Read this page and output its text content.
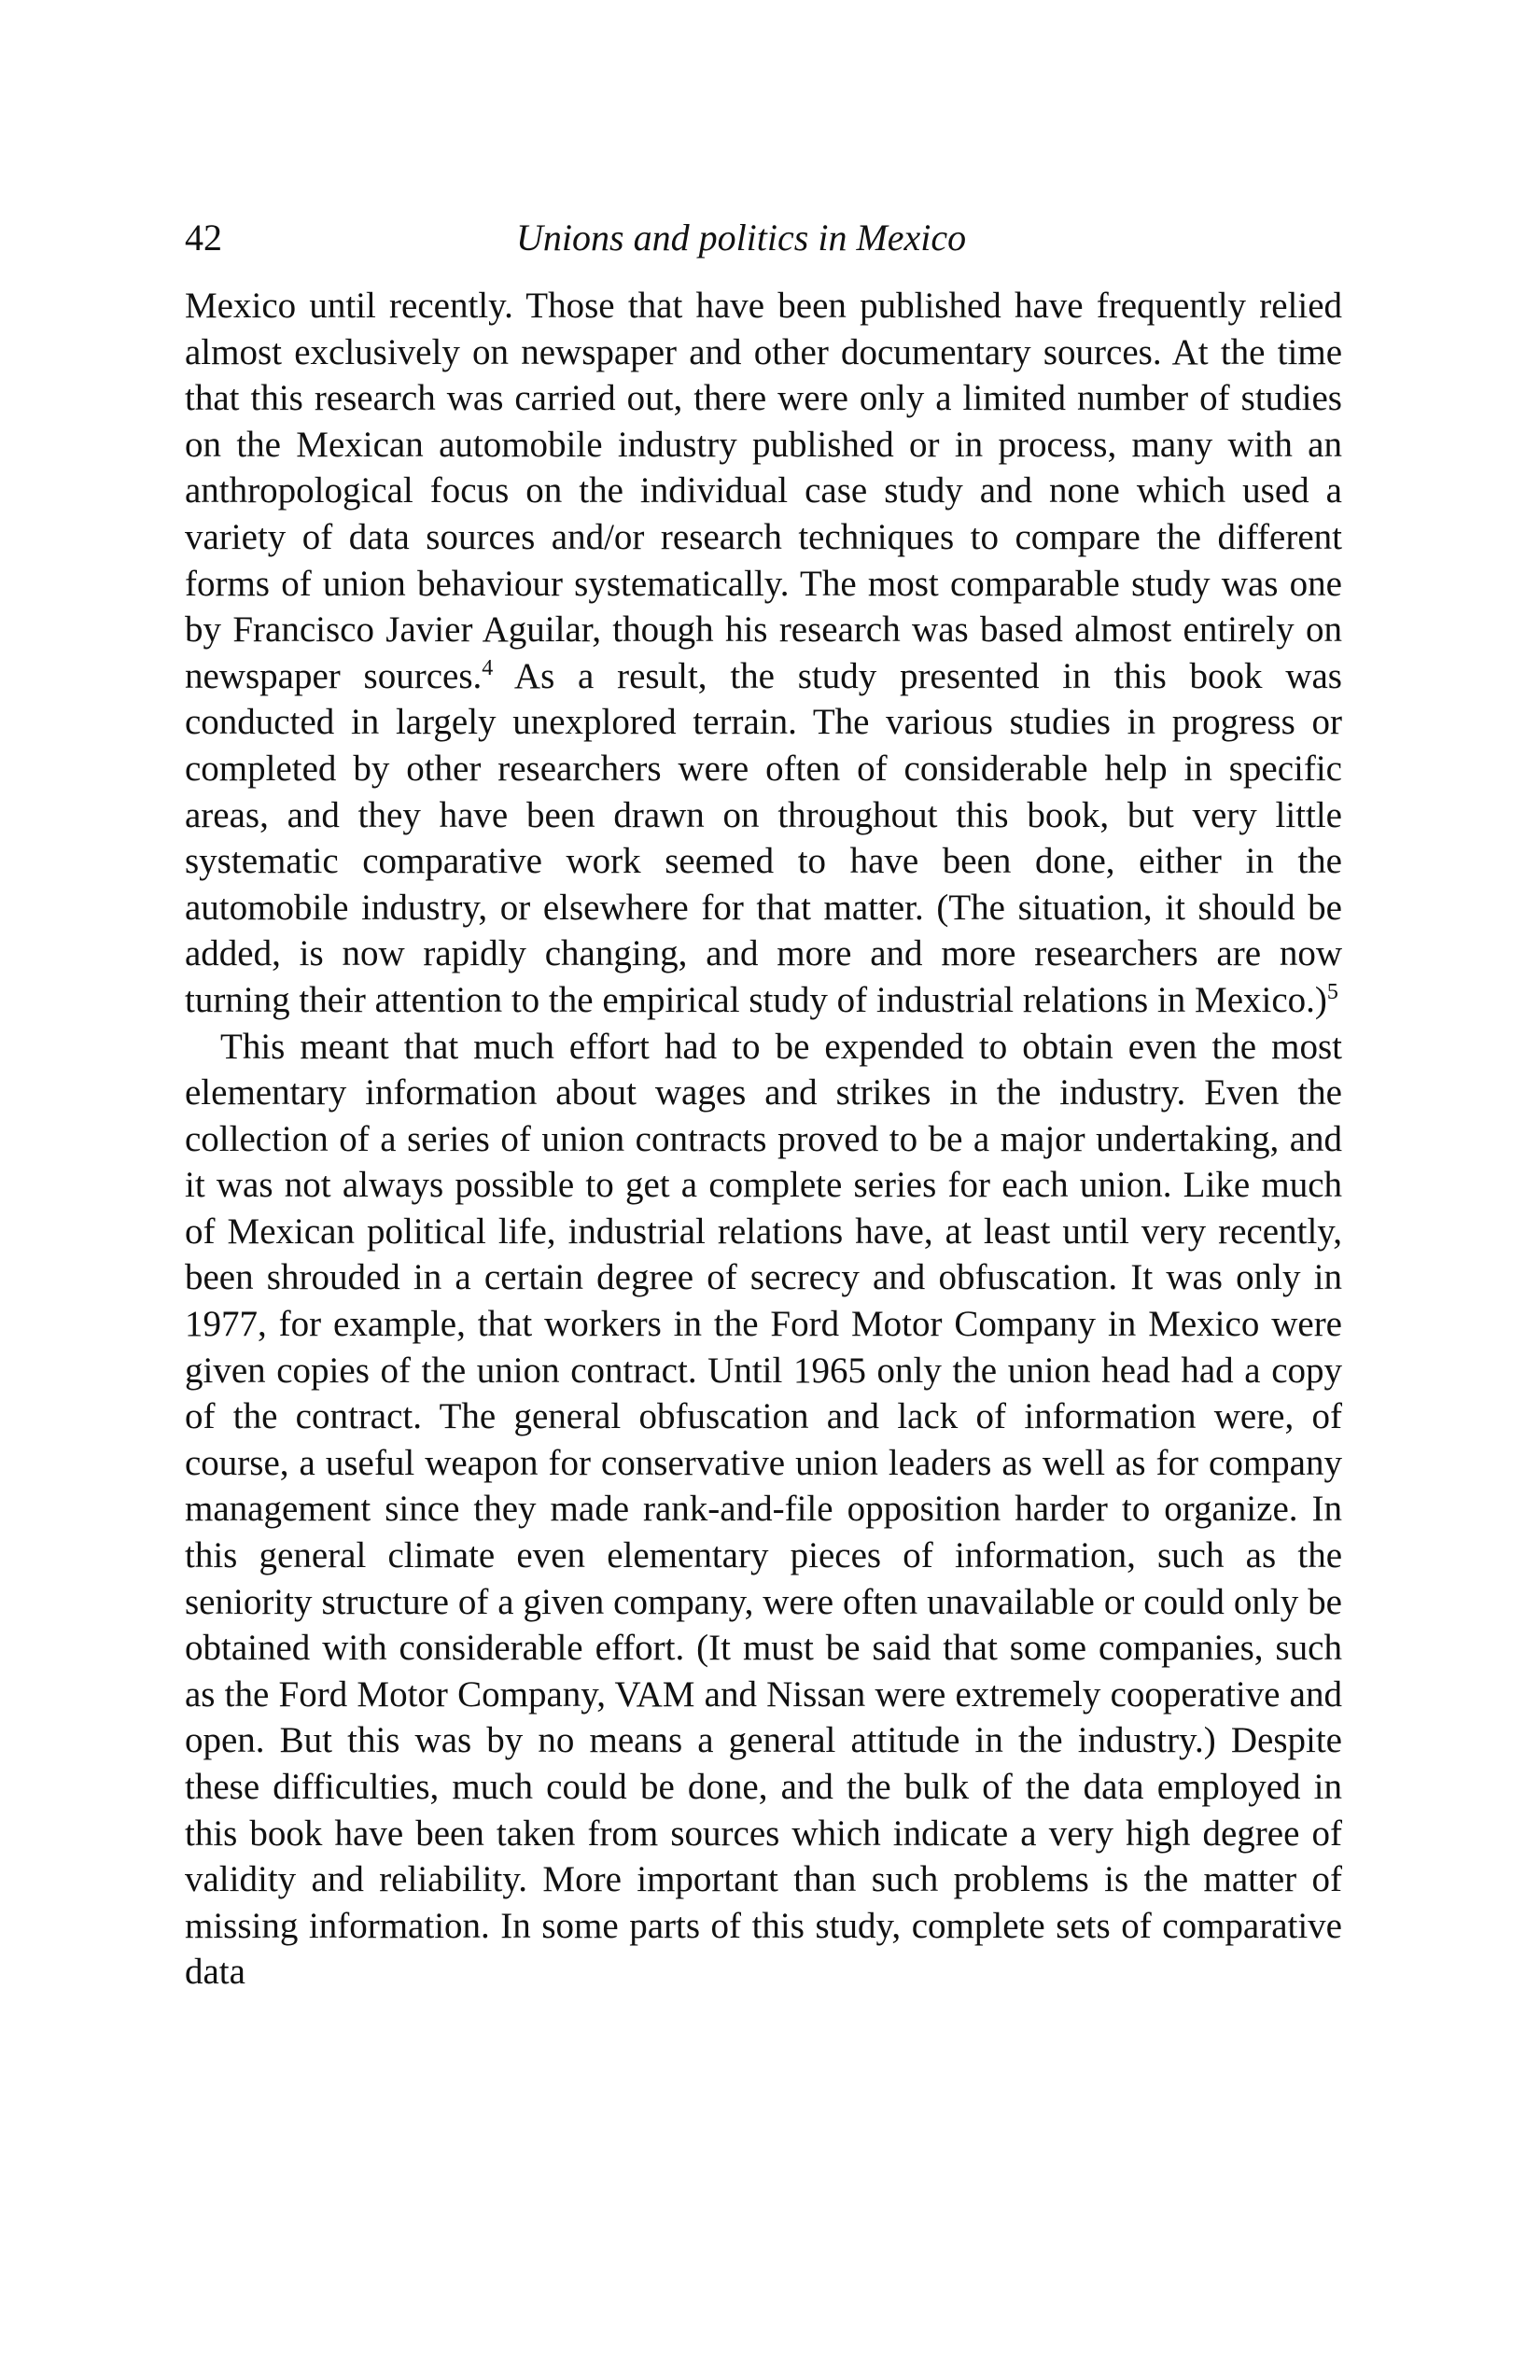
42	Unions and politics in Mexico

Mexico until recently. Those that have been published have frequently relied almost exclusively on newspaper and other documentary sources. At the time that this research was carried out, there were only a limited number of studies on the Mexican automobile industry published or in process, many with an anthropological focus on the individual case study and none which used a variety of data sources and/or research techniques to compare the different forms of union behaviour systematically. The most comparable study was one by Francisco Javier Aguilar, though his research was based almost entirely on newspaper sources.$^4$ As a result, the study presented in this book was conducted in largely unexplored terrain. The various studies in progress or completed by other researchers were often of considerable help in specific areas, and they have been drawn on throughout this book, but very little systematic comparative work seemed to have been done, either in the automobile industry, or elsewhere for that matter. (The situation, it should be added, is now rapidly changing, and more and more researchers are now turning their attention to the empirical study of industrial relations in Mexico.)$^5$

This meant that much effort had to be expended to obtain even the most elementary information about wages and strikes in the industry. Even the collection of a series of union contracts proved to be a major undertaking, and it was not always possible to get a complete series for each union. Like much of Mexican political life, industrial relations have, at least until very recently, been shrouded in a certain degree of secrecy and obfuscation. It was only in 1977, for example, that workers in the Ford Motor Company in Mexico were given copies of the union contract. Until 1965 only the union head had a copy of the contract. The general obfuscation and lack of information were, of course, a useful weapon for conservative union leaders as well as for company management since they made rank-and-file opposition harder to organize. In this general climate even elementary pieces of information, such as the seniority structure of a given company, were often unavailable or could only be obtained with considerable effort. (It must be said that some companies, such as the Ford Motor Company, VAM and Nissan were extremely cooperative and open. But this was by no means a general attitude in the industry.) Despite these difficulties, much could be done, and the bulk of the data employed in this book have been taken from sources which indicate a very high degree of validity and reliability. More important than such problems is the matter of missing information. In some parts of this study, complete sets of comparative data
